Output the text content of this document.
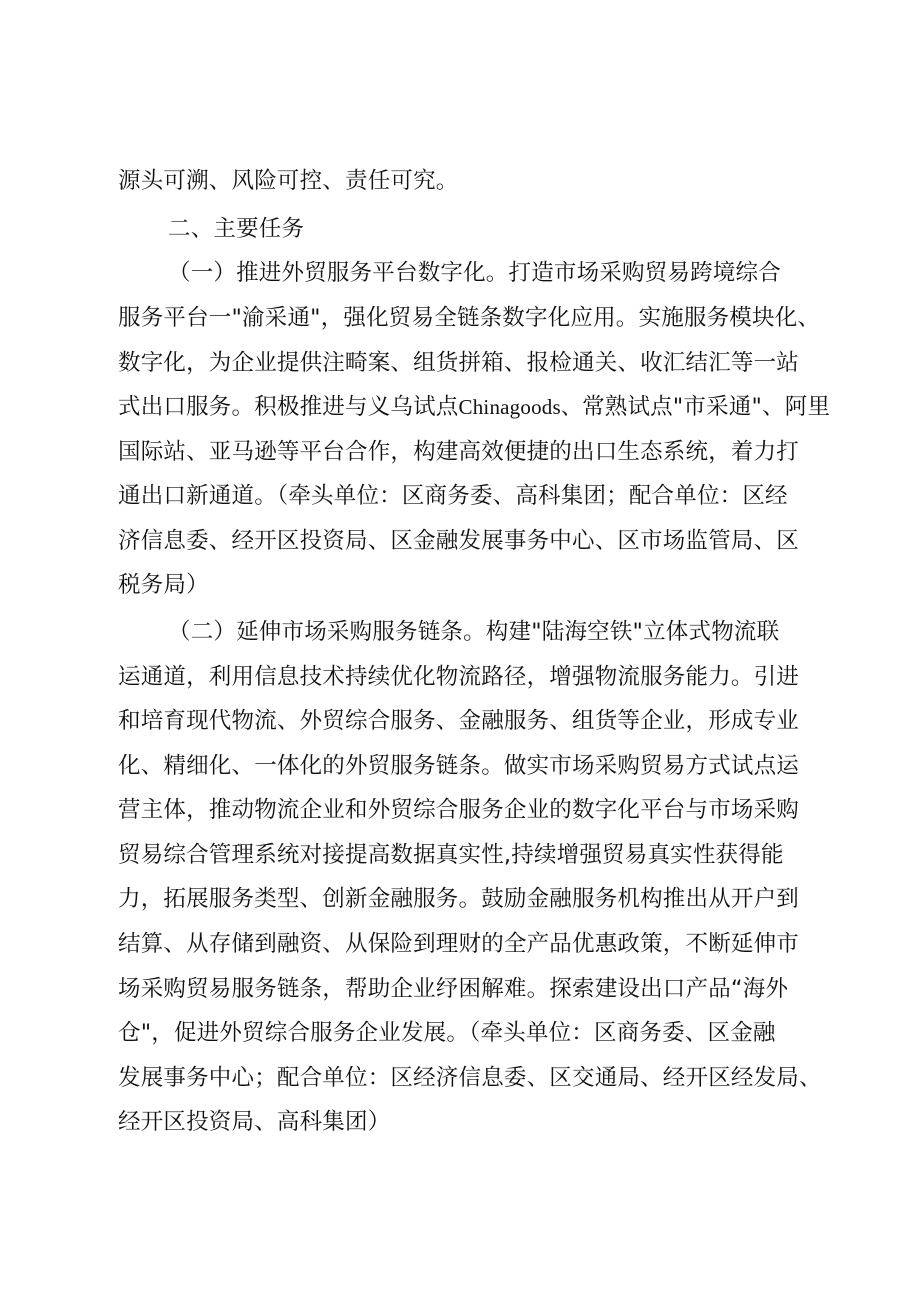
源头可溯、风险可控、责任可究。
二、主要任务
（一）推进外贸服务平台数字化。打造市场采购贸易跨境综合
服务平台一"渝采通"，强化贸易全链条数字化应用。实施服务模块化、
数字化，为企业提供注畸案、组货拼箱、报检通关、收汇结汇等一站
式出口服务。积极推进与义乌试点Chinagoods、常熟试点"市采通"、阿里
国际站、亚马逊等平台合作，构建高效便捷的出口生态系统，着力打
通出口新通道。（牵头单位：区商务委、高科集团；配合单位：区经
济信息委、经开区投资局、区金融发展事务中心、区市场监管局、区
税务局）
（二）延伸市场采购服务链条。构建"陆海空铁"立体式物流联
运通道，利用信息技术持续优化物流路径，增强物流服务能力。引进
和培育现代物流、外贸综合服务、金融服务、组货等企业，形成专业
化、精细化、一体化的外贸服务链条。做实市场采购贸易方式试点运
营主体，推动物流企业和外贸综合服务企业的数字化平台与市场采购
贸易综合管理系统对接提高数据真实性,持续增强贸易真实性获得能
力，拓展服务类型、创新金融服务。鼓励金融服务机构推出从开户到
结算、从存储到融资、从保险到理财的全产品优惠政策，不断延伸市
场采购贸易服务链条，帮助企业纾困解难。探索建设出口产品“海外
仓"，促进外贸综合服务企业发展。（牵头单位：区商务委、区金融
发展事务中心；配合单位：区经济信息委、区交通局、经开区经发局、
经开区投资局、高科集团）
